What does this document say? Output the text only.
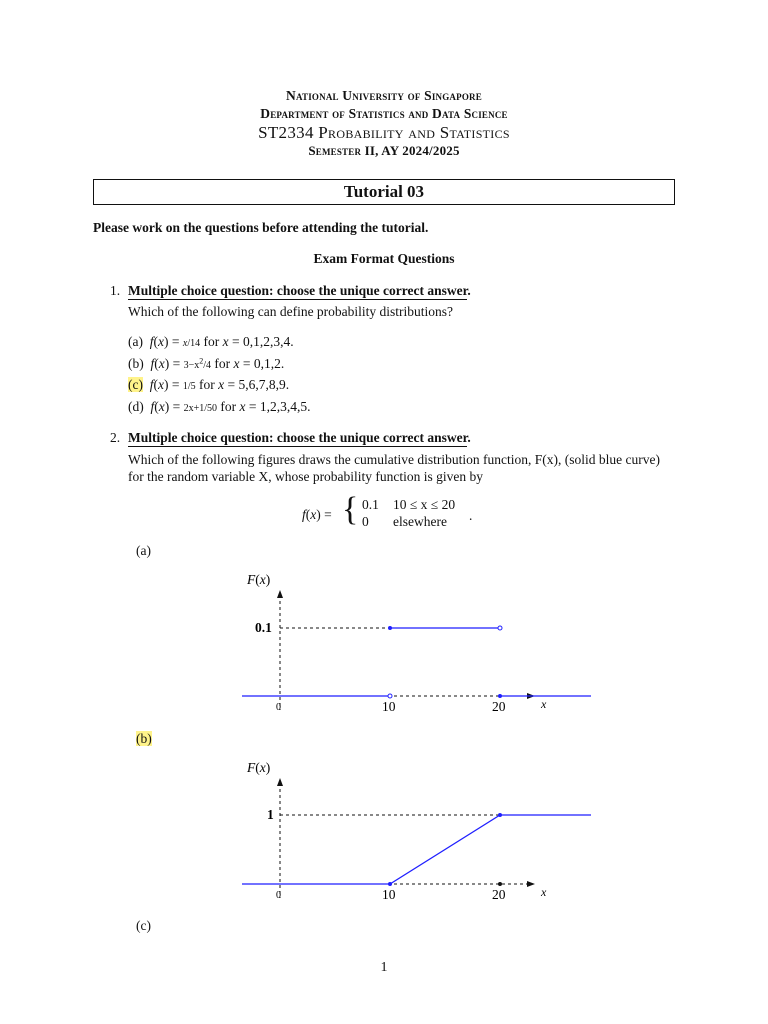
National University of Singapore
Department of Statistics and Data Science
ST2334 Probability and Statistics
Semester II, AY 2024/2025
Tutorial 03
Please work on the questions before attending the tutorial.
Exam Format Questions
1. Multiple choice question: choose the unique correct answer.
Which of the following can define probability distributions?
(a) f(x) = x/14 for x = 0,1,2,3,4.
(b) $f(x) = 3-x^2/4$ for x = 0,1,2.
(c) f(x) = 1/5 for x = 5,6,7,8,9.
(d) f(x) = 2x+1/50 for x = 1,2,3,4,5.
2. Multiple choice question: choose the unique correct answer.
Which of the following figures draws the cumulative distribution function, F(x), (solid blue curve)
for the random variable X, whose probability function is given by
f(x) = { 0.1 10 ≤ x ≤ 20
0 elsewhere .
(a)
F(x)
0.1
0	10	20	x
(b)
F(x)
1
0	10	20	x
(c)
1
